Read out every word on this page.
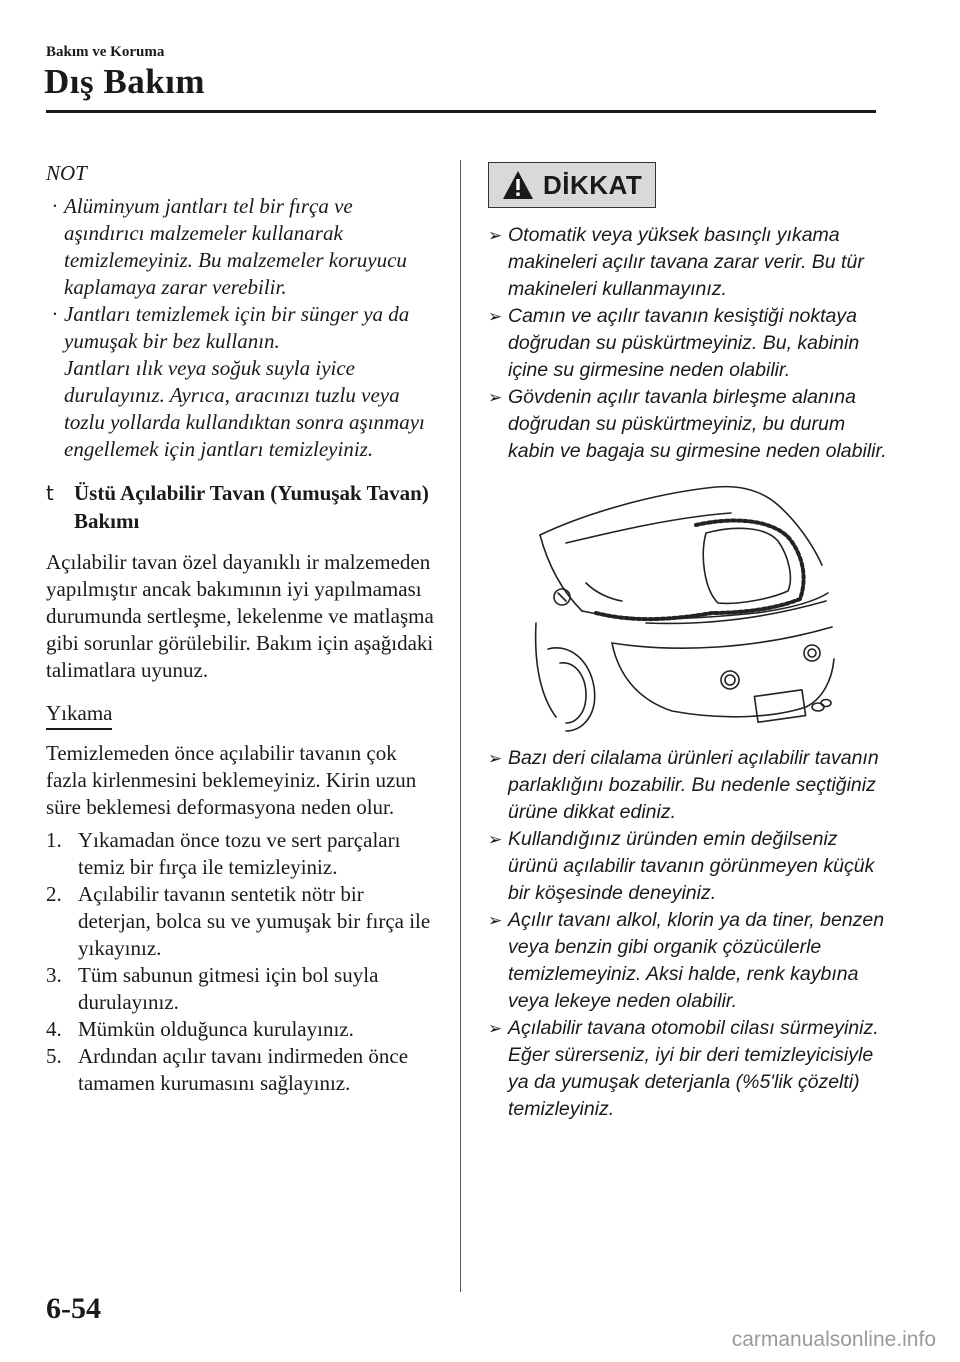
Bakım ve Koruma
Dış Bakım
NOT
· Alüminyum jantları tel bir fırça ve aşındırıcı malzemeler kullanarak temizlemeyiniz. Bu malzemeler koruyucu kaplamaya zarar verebilir.
· Jantları temizlemek için bir sünger ya da yumuşak bir bez kullanın.
Jantları ılık veya soğuk suyla iyice durulayınız. Ayrıca, aracınızı tuzlu veya tozlu yollarda kullandıktan sonra aşınmayı engellemek için jantları temizleyiniz.
t Üstü Açılabilir Tavan (Yumuşak Tavan) Bakımı

Açılabilir tavan özel dayanıklı ir malzemeden yapılmıştır ancak bakımının iyi yapılmaması durumunda sertleşme, lekelenme ve matlaşma gibi sorunlar görülebilir. Bakım için aşağıdaki talimatlara uyunuz.

Yıkama

Temizlemeden önce açılabilir tavanın çok fazla kirlenmesini beklemeyiniz. Kirin uzun süre beklemesi deformasyona neden olur.

1. Yıkamadan önce tozu ve sert parçaları temiz bir fırça ile temizleyiniz.
2. Açılabilir tavanın sentetik nötr bir deterjan, bolca su ve yumuşak bir fırça ile yıkayınız.
3. Tüm sabunun gitmesi için bol suyla durulayınız.
4. Mümkün olduğunca kurulayınız.
5. Ardından açılır tavanı indirmeden önce tamamen kurumasını sağlayınız.
DİKKAT
➢ Otomatik veya yüksek basınçlı yıkama makineleri açılır tavana zarar verir. Bu tür makineleri kullanmayınız.
➢ Camın ve açılır tavanın kesiştiği noktaya doğrudan su püskürtmeyiniz. Bu, kabinin içine su girmesine neden olabilir.
➢ Gövdenin açılır tavanla birleşme alanına doğrudan su püskürtmeyiniz, bu durum kabin ve bagaja su girmesine neden olabilir.
➢ Bazı deri cilalama ürünleri açılabilir tavanın parlaklığını bozabilir. Bu nedenle seçtiğiniz ürüne dikkat ediniz.
➢ Kullandığınız üründen emin değilseniz ürünü açılabilir tavanın görünmeyen küçük bir köşesinde deneyiniz.
➢ Açılır tavanı alkol, klorin ya da tiner, benzen veya benzin gibi organik çözücülerle temizlemeyiniz. Aksi halde, renk kaybına veya lekeye neden olabilir.
➢ Açılabilir tavana otomobil cilası sürmeyiniz.
Eğer sürerseniz, iyi bir deri temizleyicisiyle ya da yumuşak deterjanla (%5'lik çözelti) temizleyiniz.
6-54
carmanualsonline.info
